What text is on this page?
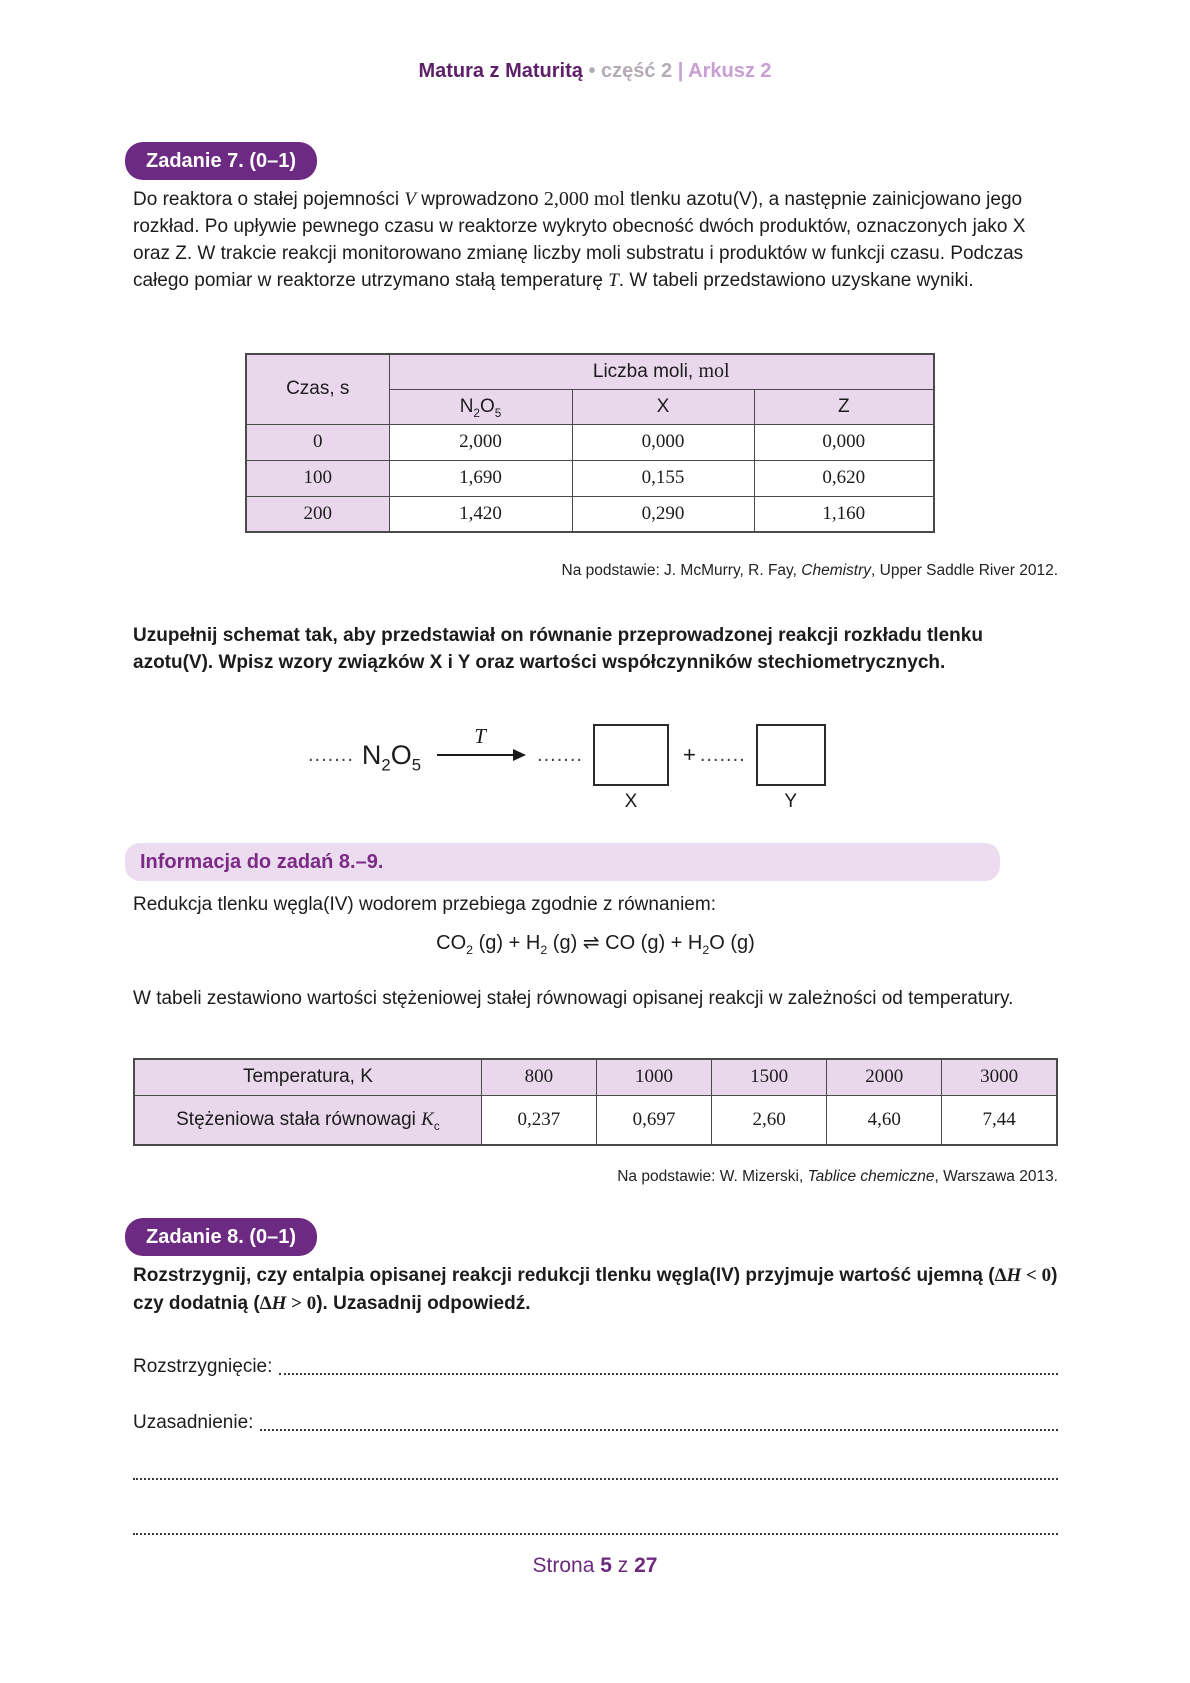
Matura z Maturitą • część 2 | Arkusz 2
Zadanie 7. (0–1)

Do reaktora o stałej pojemności V wprowadzono 2,000 mol tlenku azotu(V), a następnie zainicjowano jego rozkład. Po upływie pewnego czasu w reaktorze wykryto obecność dwóch produktów, oznaczonych jako X oraz Z. W trakcie reakcji monitorowano zmianę liczby moli substratu i produktów w funkcji czasu. Podczas całego pomiar w reaktorze utrzymano stałą temperaturę T. W tabeli przedstawiono uzyskane wyniki.

Czas, s	Liczba moli, mol		
	$N_2O_5$	X	Z
0	2,000	0,000	0,000
100	1,690	0,155	0,620
200	1,420	0,290	1,160
Na podstawie: J. McMurry, R. Fay, Chemistry, Upper Saddle River 2012.

Uzupełnij schemat tak, aby przedstawiał on równanie przeprowadzonej reakcji rozkładu tlenku azotu(V). Wpisz wzory związków X i Y oraz wartości współczynników stechiometrycznych.

....... $N_2O_5$
T
.......
X
+ .......
Y
Informacja do zadań 8.–9.

Redukcja tlenku węgla(IV) wodorem przebiega zgodnie z równaniem:

$CO_2$ $(g) + H_2$ (g) ⇌ CO $(g) + H_2O$ (g)

W tabeli zestawiono wartości stężeniowej stałej równowagi opisanej reakcji w zależności od temperatury.

Temperatura, K	800	1000	1500	2000	3000
Stężeniowa stała równowagi $K_c$	0,237	0,697	2,60	4,60	7,44
Na podstawie: W. Mizerski, Tablice chemiczne, Warszawa 2013.
Zadanie 8. (0–1)

Rozstrzygnij, czy entalpia opisanej reakcji redukcji tlenku węgla(IV) przyjmuje wartość ujemną (ΔH < 0) czy dodatnią (ΔH > 0). Uzasadnij odpowiedź.

Rozstrzygnięcie:
Uzasadnienie:
Strona 5 z 27
